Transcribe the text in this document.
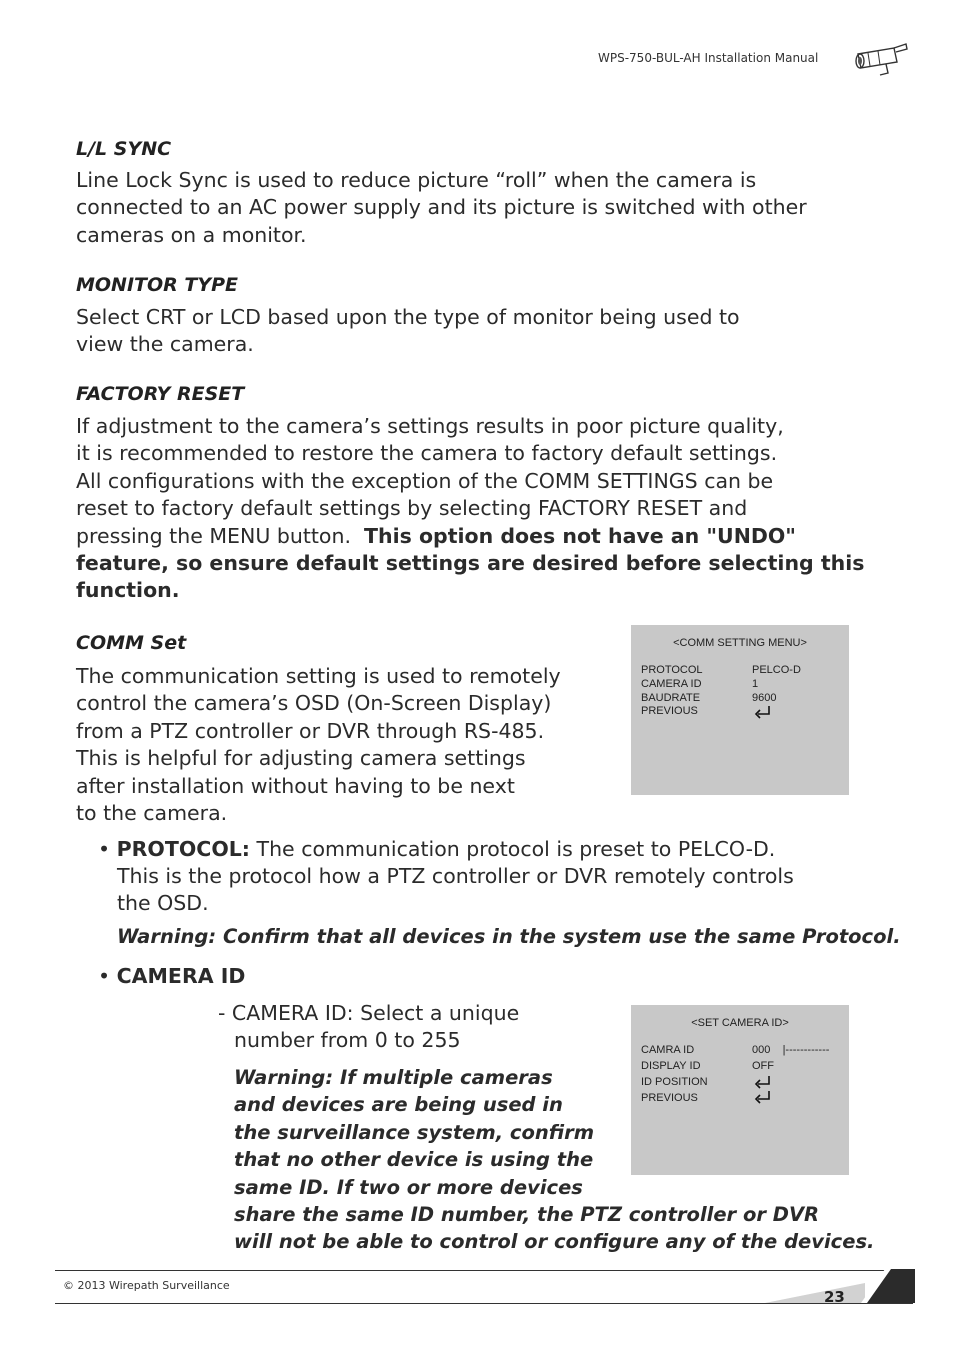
WPS-750-BUL-AH Installation Manual
L/L SYNC
Line Lock Sync is used to reduce picture “roll” when the camera is
connected to an AC power supply and its picture is switched with other
cameras on a monitor.
MONITOR TYPE
Select CRT or LCD based upon the type of monitor being used to
view the camera.
FACTORY RESET
If adjustment to the camera’s settings results in poor picture quality,
it is recommended to restore the camera to factory default settings.
All configurations with the exception of the COMM SETTINGS can be
reset to factory default settings by selecting FACTORY RESET and
pressing the MENU button. This option does not have an "UNDO"
feature, so ensure default settings are desired before selecting this
function.
COMM Set
The communication setting is used to remotely
control the camera’s OSD (On-Screen Display)
from a PTZ controller or DVR through RS-485.
This is helpful for adjusting camera settings
after installation without having to be next
to the camera.
<COMM SETTING MENU>
PROTOCOL	PELCO-D
CAMERA ID	1
BAUDRATE	9600
PREVIOUS
• PROTOCOL: The communication protocol is preset to PELCO-D.
This is the protocol how a PTZ controller or DVR remotely controls
the OSD.
Warning: Confirm that all devices in the system use the same Protocol.
• CAMERA ID
- CAMERA ID: Select a unique
number from 0 to 255
Warning: If multiple cameras
and devices are being used in
the surveillance system, confirm
that no other device is using the
same ID. If two or more devices
share the same ID number, the PTZ controller or DVR
will not be able to control or configure any of the devices.
<SET CAMERA ID>
CAMRA ID	000    |------------
DISPLAY ID	OFF
ID POSITION
PREVIOUS
© 2013 Wirepath Surveillance
23
